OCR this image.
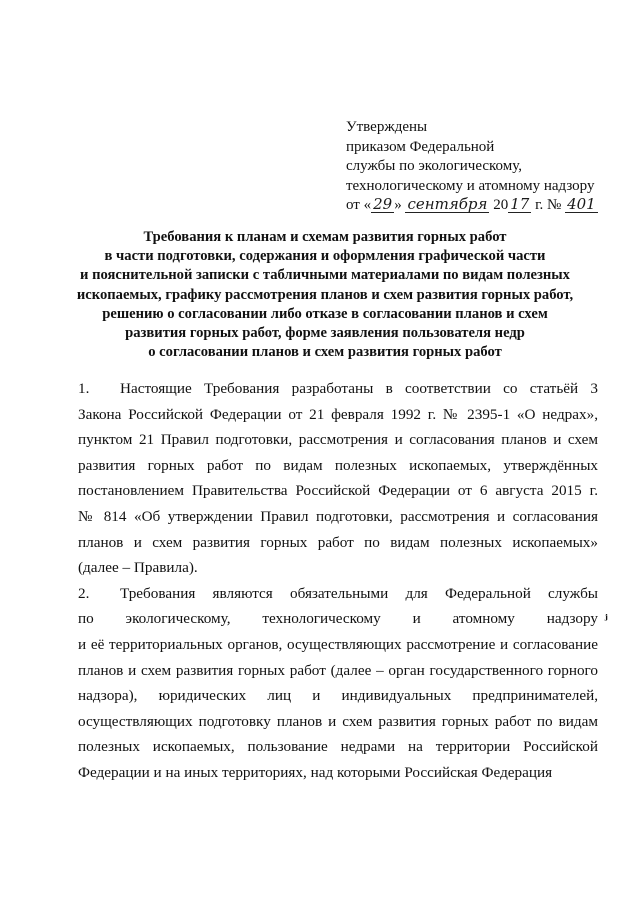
Утверждены
приказом Федеральной
службы по экологическому,
технологическому и атомному надзору
от « 29 » сентября 20 17 г. № 401
Требования к планам и схемам развития горных работ
в части подготовки, содержания и оформления графической части
и пояснительной записки с табличными материалами по видам полезных
ископаемых, графику рассмотрения планов и схем развития горных работ,
решению о согласовании либо отказе в согласовании планов и схем
развития горных работ, форме заявления пользователя недр
о согласовании планов и схем развития горных работ
1. Настоящие Требования разработаны в соответствии со статьёй 3
Закона Российской Федерации от 21 февраля 1992 г. № 2395-1 «О недрах»,
пунктом 21 Правил подготовки, рассмотрения и согласования планов и схем
развития горных работ по видам полезных ископаемых, утверждённых
постановлением Правительства Российской Федерации от 6 августа 2015 г.
№ 814 «Об утверждении Правил подготовки, рассмотрения и согласования
планов и схем развития горных работ по видам полезных ископаемых»
(далее – Правила).
2. Требования являются обязательными для Федеральной службы
по экологическому, технологическому и атомному надзору
и её территориальных органов, осуществляющих рассмотрение и согласование
планов и схем развития горных работ (далее – орган государственного горного
надзора), юридических лиц и индивидуальных предпринимателей,
осуществляющих подготовку планов и схем развития горных работ по видам
полезных ископаемых, пользование недрами на территории Российской
Федерации и на иных территориях, над которыми Российская Федерация
ⱼ
